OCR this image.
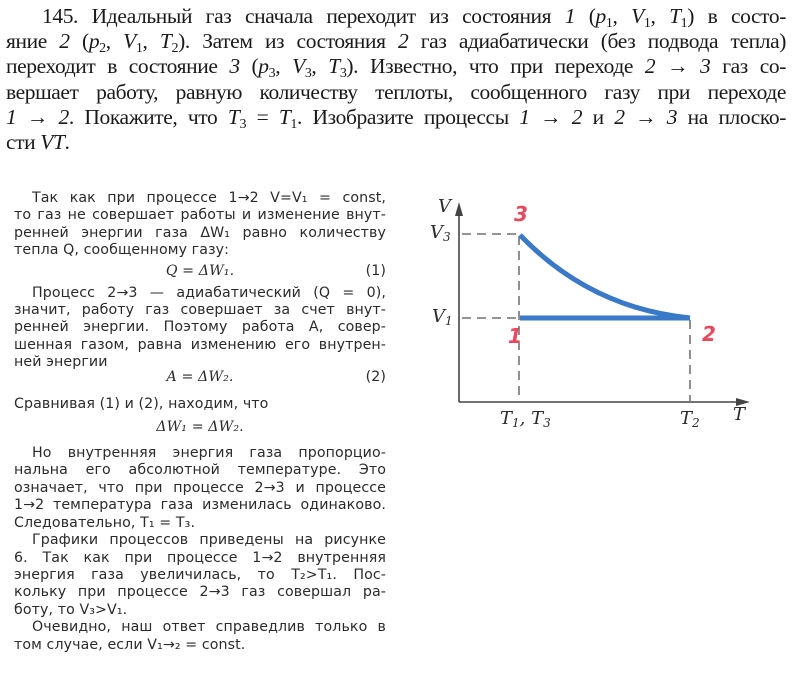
145. Идеальный газ сначала переходит из состояния 1 ($p_1$, $V_1$, $T_1$) в состо-
яние 2 ($p_2$, $V_1$, $T_2$). Затем из состояния 2 газ адиабатически (без подвода тепла)
переходит в состояние 3 ($p_3$, $V_3$, $T_3$). Известно, что при переходе 2 → 3 газ со-
вершает работу, равную количеству теплоты, сообщенного газу при переходе
1 → 2. Покажите, что $T_3 = T_1$. Изобразите процессы 1 → 2 и 2 → 3 на плоско-
сти VT.
Так как при процессе 1→2 V=V₁ = const,
то газ не совершает работы и изменение внут-
ренней энергии газа ΔW₁ равно количеству
тепла Q, сообщенному газу:
Q = ΔW₁.	(1)
Процесс 2→3 — адиабатический (Q = 0),
значит, работу газ совершает за счет внут-
ренней энергии. Поэтому работа A, совер-
шенная газом, равна изменению его внутрен-
ней энергии
A = ΔW₂.	(2)
Сравнивая (1) и (2), находим, что
ΔW₁ = ΔW₂.
Но внутренняя энергия газа пропорцио-
нальна его абсолютной температуре. Это
означает, что при процессе 2→3 и процессе
1→2 температура газа изменилась одинаково.
Следовательно, T₁ = T₃.
Графики процессов приведены на рисунке
6. Так как при процессе 1→2 внутренняя
энергия газа увеличилась, то T₂>T₁. Пос-
кольку при процессе 2→3 газ совершал ра-
боту, то V₃>V₁.
Очевидно, наш ответ справедлив только в
том случае, если V₁→₂ = const.
V
$V_3$
$V_1$
$T_1$, $T_3$	$T_2$ T
1	2
3
